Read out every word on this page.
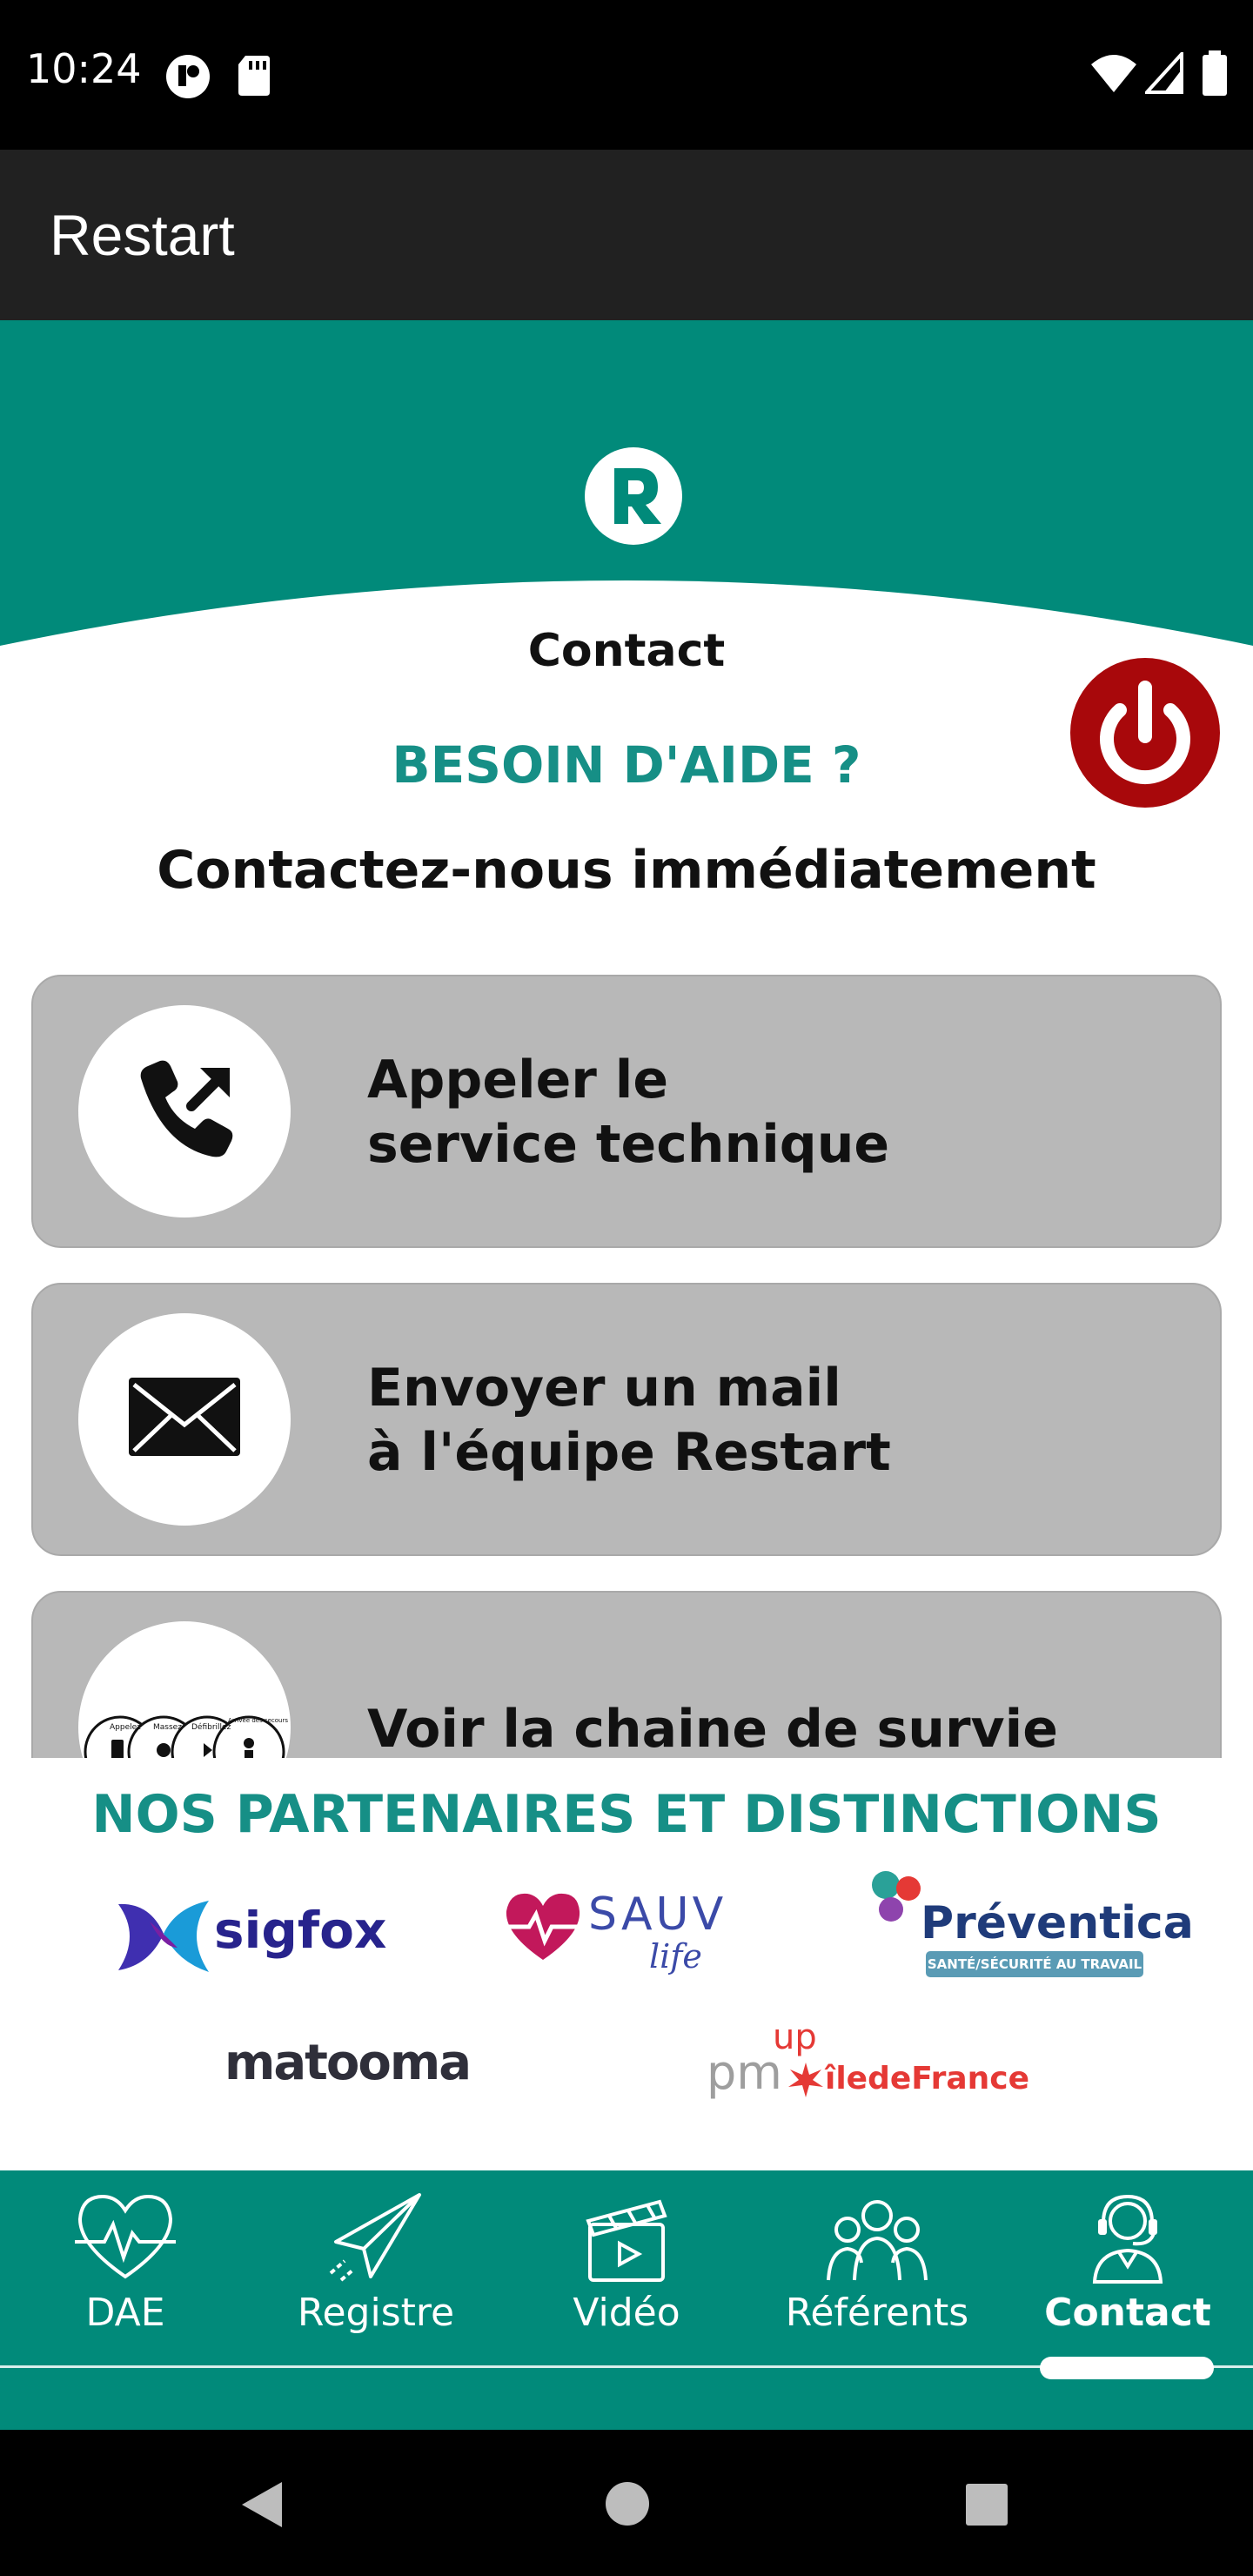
10:24
Restart
Contact
BESOIN D'AIDE ?
Contactez-nous immédiatement
Appeler le
service technique
Envoyer un mail
à l'équipe Restart
Appelez Massez Défibrillez
Arrivée des secours Voir la chaine de survie
NOS PARTENAIRES ET DISTINCTIONS
sigfox	SAUV
life
Préventica
SANTÉ/SÉCURITÉ AU TRAVAIL
matooma	pm
up
îledeFrance
DAE	Registre	Vidéo	Référents	Contact
